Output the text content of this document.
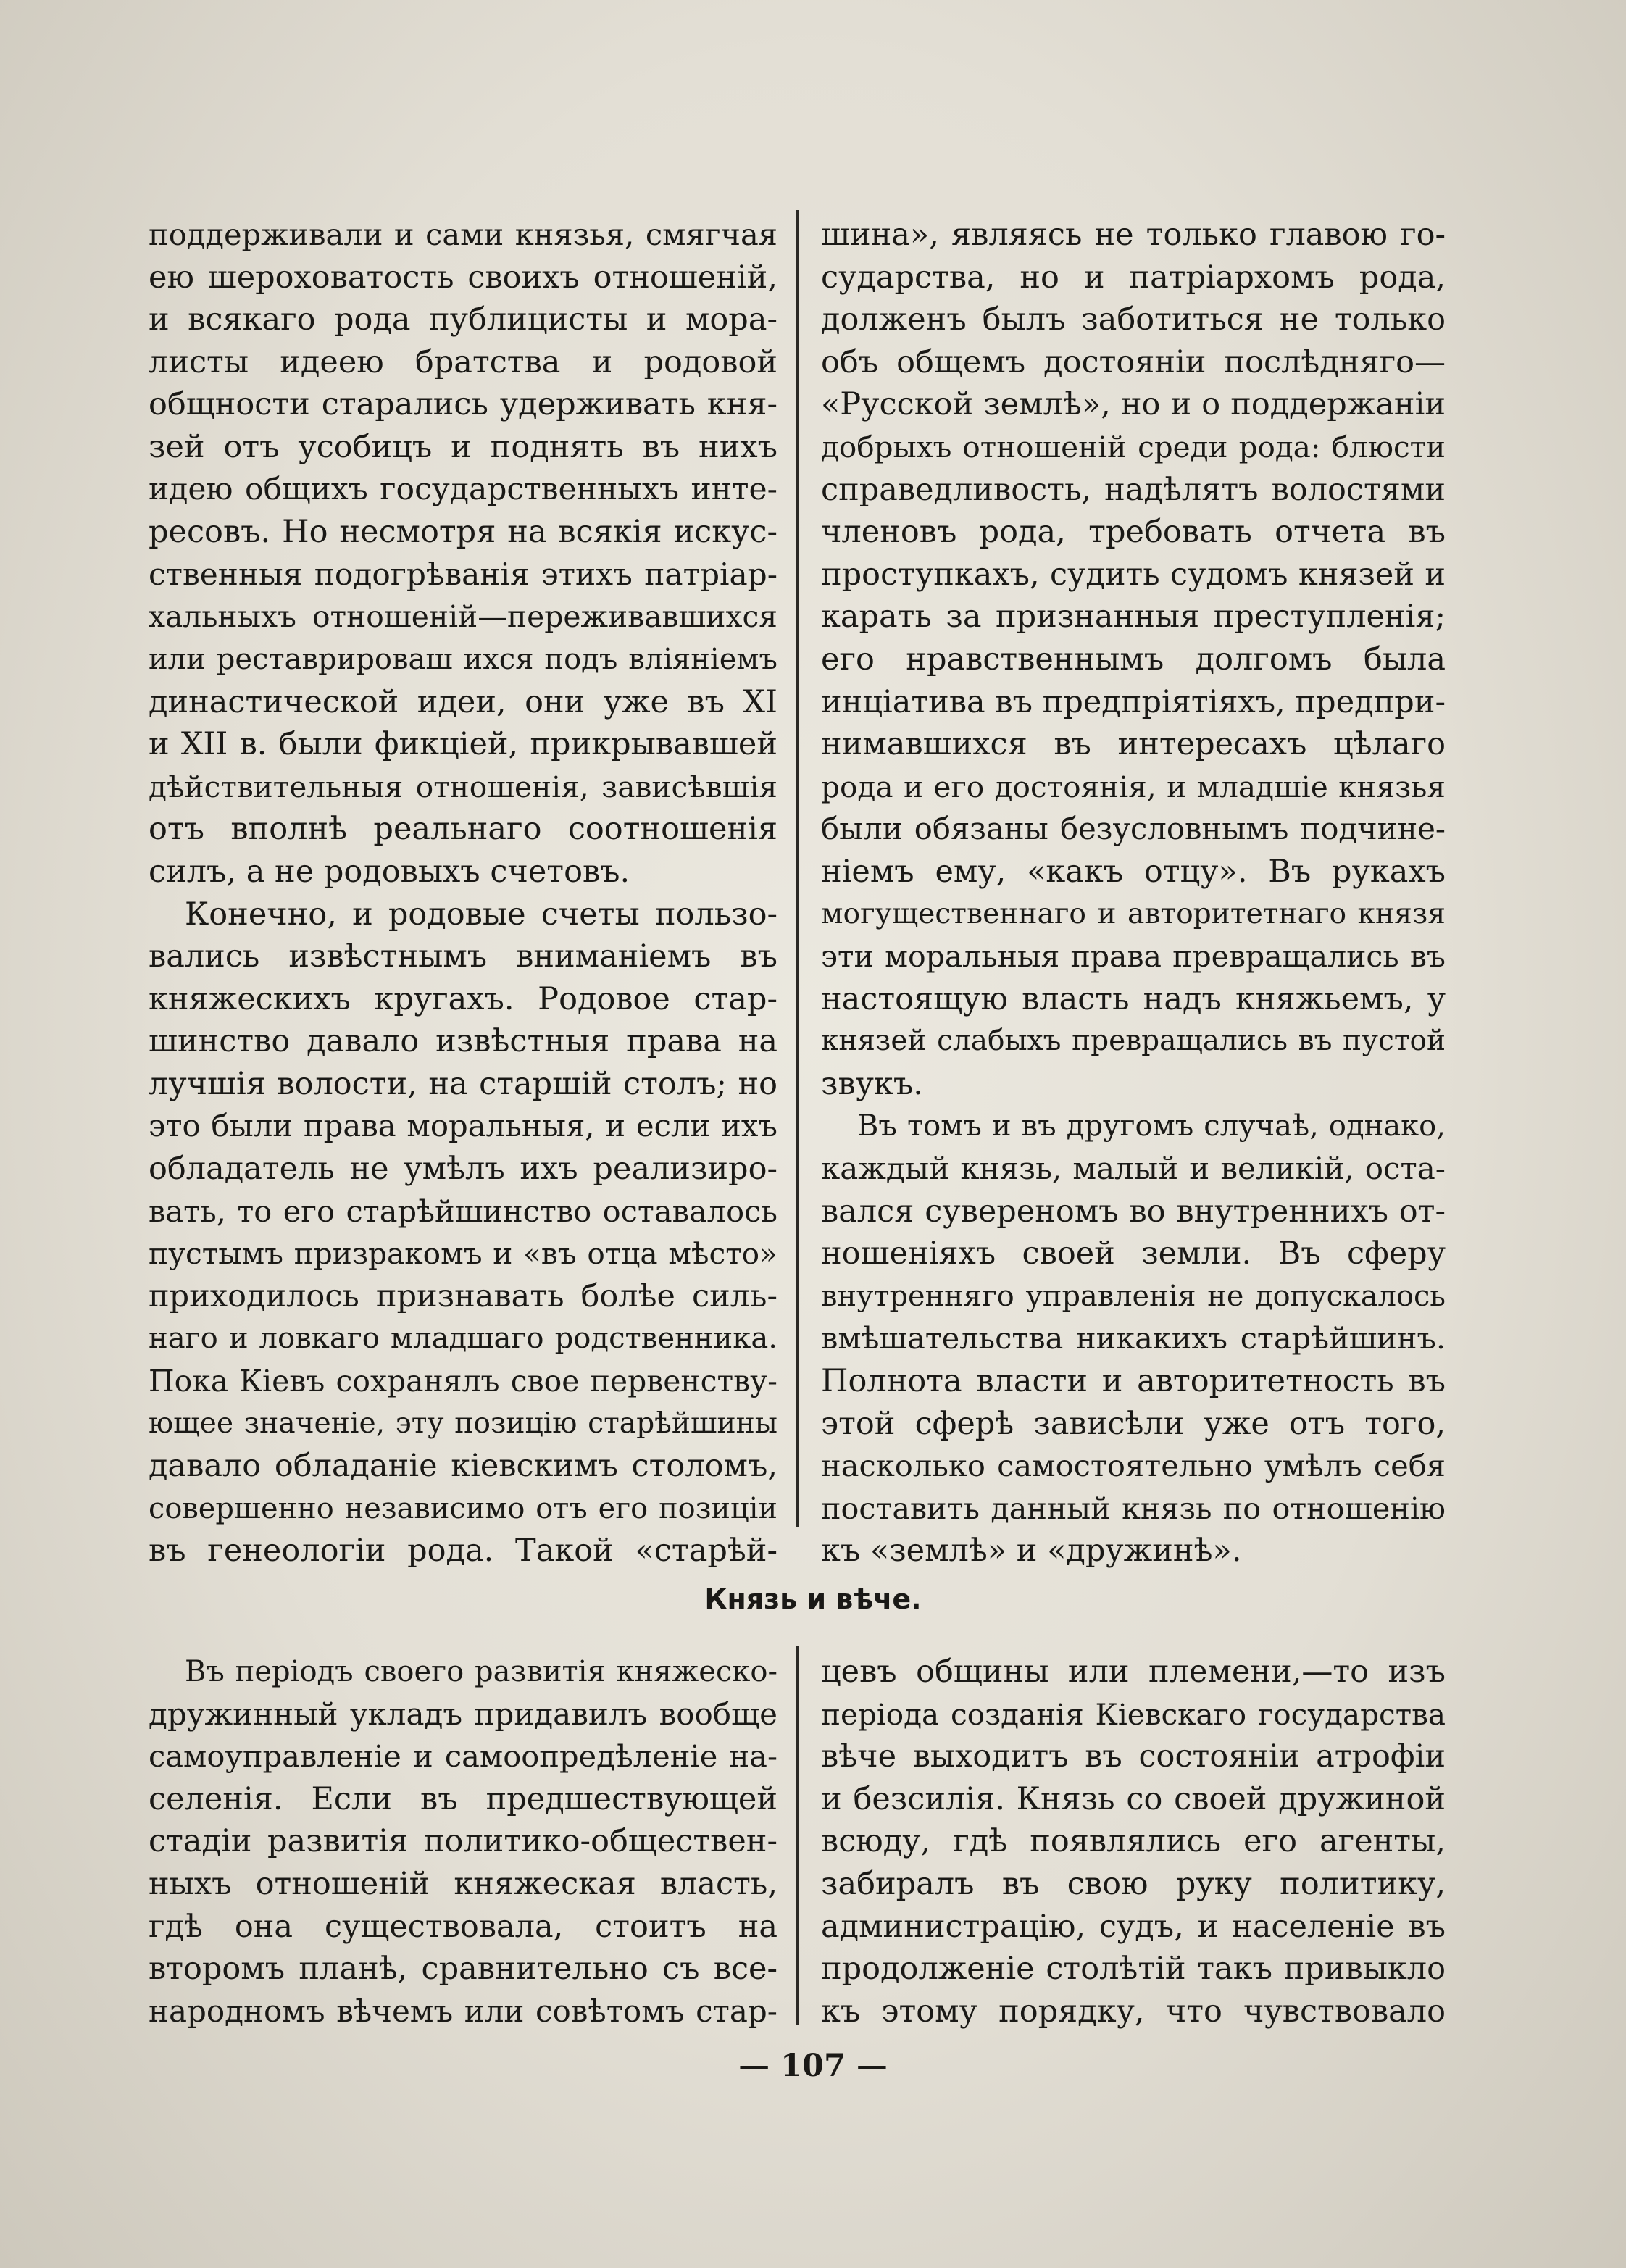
поддерживали и сами князья, смягчая

ею шероховатость своихъ отношеній,

и всякаго рода публицисты и мора-

листы идеею братства и родовой

общности старались удерживать кня-

зей отъ усобицъ и поднять въ нихъ

идею общихъ государственныхъ инте-

ресовъ. Но несмотря на всякія искус-

ственныя подогрѣванія этихъ патріар-

хальныхъ отношеній—переживавшихся

или реставрироваш ихся подъ вліяніемъ

династической идеи, они уже въ XI

и XII в. были фикціей, прикрывавшей

дѣйствительныя отношенія, зависѣвшія

отъ вполнѣ реальнаго соотношенія

силъ, а не родовыхъ счетовъ.

Конечно, и родовые счеты пользо-

вались извѣстнымъ вниманіемъ въ

княжескихъ кругахъ. Родовое стар-

шинство давало извѣстныя права на

лучшія волости, на старшій столъ; но

это были права моральныя, и если ихъ

обладатель не умѣлъ ихъ реализиро-

вать, то его старѣйшинство оставалось

пустымъ призракомъ и «въ отца мѣсто»

приходилось признавать болѣе силь-

наго и ловкаго младшаго родственника.

Пока Кіевъ сохранялъ свое первенству-

ющее значеніе, эту позицію старѣйшины

давало обладаніе кіевскимъ столомъ,

совершенно независимо отъ его позиціи

въ генеологіи рода. Такой «старѣй-

шина», являясь не только главою го-

сударства, но и патріархомъ рода,

долженъ былъ заботиться не только

объ общемъ достояніи послѣдняго—

«Русской землѣ», но и о поддержаніи

добрыхъ отношеній среди рода: блюсти

справедливость, надѣлятъ волостями

членовъ рода, требовать отчета въ

проступкахъ, судить судомъ князей и

карать за признанныя преступленія;

его нравственнымъ долгомъ была

инціатива въ предпріятіяхъ, предпри-

нимавшихся въ интересахъ цѣлаго

рода и его достоянія, и младшіе князья

были обязаны безусловнымъ подчине-

ніемъ ему, «какъ отцу». Въ рукахъ

могущественнаго и авторитетнаго князя

эти моральныя права превращались въ

настоящую власть надъ княжьемъ, у

князей слабыхъ превращались въ пустой

звукъ.

Въ томъ и въ другомъ случаѣ, однако,

каждый князь, малый и великій, оста-

вался сувереномъ во внутреннихъ от-

ношеніяхъ своей земли. Въ сферу

внутренняго управленія не допускалось

вмѣшательства никакихъ старѣйшинъ.

Полнота власти и авторитетность въ

этой сферѣ зависѣли уже отъ того,

насколько самостоятельно умѣлъ себя

поставить данный князь по отношенію

къ «землѣ» и «дружинѣ».

Князь и вѣче.

Въ періодъ своего развитія княжеско-

дружинный укладъ придавилъ вообще

самоуправленіе и самоопредѣленіе на-

селенія. Если въ предшествующей

стадіи развитія политико-обществен-

ныхъ отношеній княжеская власть,

гдѣ она существовала, стоитъ на

второмъ планѣ, сравнительно съ все-

народномъ вѣчемъ или совѣтомъ стар-

цевъ общины или племени,—то изъ

періода созданія Кіевскаго государства

вѣче выходитъ въ состояніи атрофіи

и безсилія. Князь со своей дружиной

всюду, гдѣ появлялись его агенты,

забиралъ въ свою руку политику,

администрацію, судъ, и населеніе въ

продолженіе столѣтій такъ привыкло

къ этому порядку, что чувствовало

— 107 —
